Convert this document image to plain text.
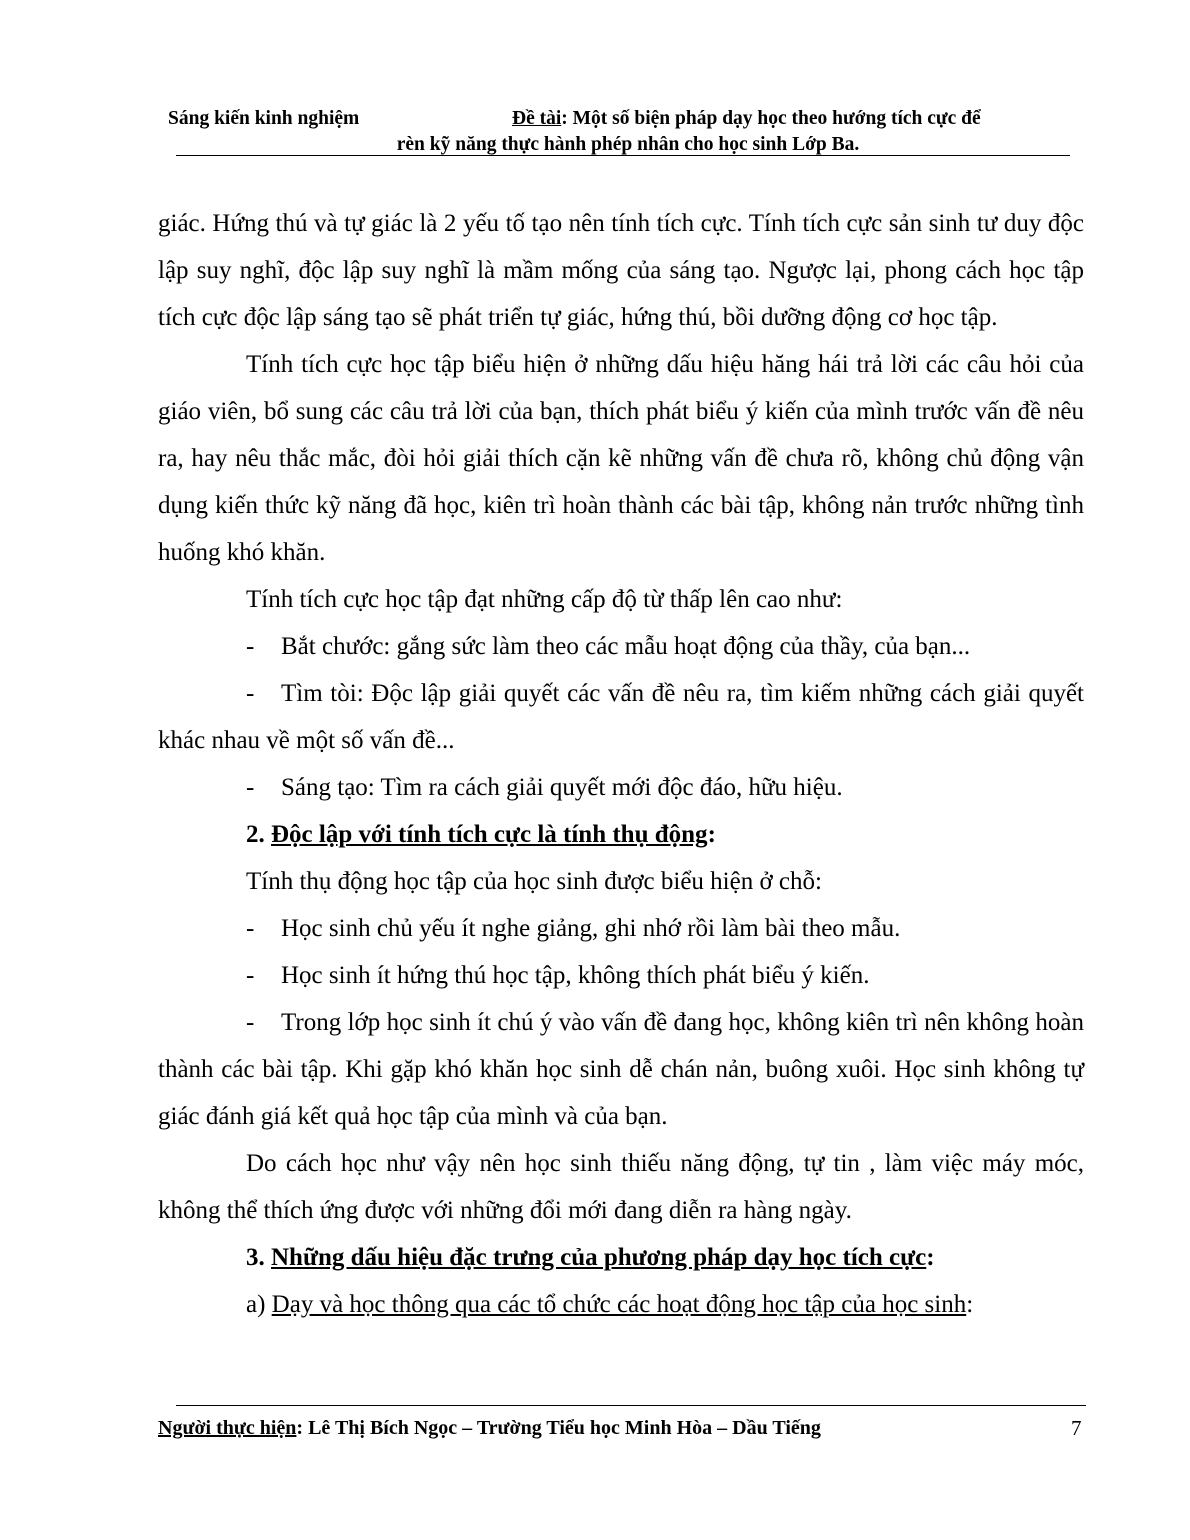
Sáng kiến kinh nghiệm	Đề tài: Một số biện pháp dạy học theo hướng tích cực để
rèn kỹ năng thực hành phép nhân cho học sinh Lớp Ba.

giác. Hứng thú và tự giác là 2 yếu tố tạo nên tính tích cực. Tính tích cực sản sinh tư duy độc lập suy nghĩ, độc lập suy nghĩ là mầm mống của sáng tạo. Ngược lại, phong cách học tập tích cực độc lập sáng tạo sẽ phát triển tự giác, hứng thú, bồi dưỡng động cơ học tập.

Tính tích cực học tập biểu hiện ở những dấu hiệu hăng hái trả lời các câu hỏi của giáo viên, bổ sung các câu trả lời của bạn, thích phát biểu ý kiến của mình trước vấn đề nêu ra, hay nêu thắc mắc, đòi hỏi giải thích cặn kẽ những vấn đề chưa rõ, không chủ động vận dụng kiến thức kỹ năng đã học, kiên trì hoàn thành các bài tập, không nản trước những tình huống khó khăn.

Tính tích cực học tập đạt những cấp độ từ thấp lên cao như:

- Bắt chước: gắng sức làm theo các mẫu hoạt động của thầy, của bạn...

- Tìm tòi: Độc lập giải quyết các vấn đề nêu ra, tìm kiếm những cách giải quyết khác nhau về một số vấn đề...

- Sáng tạo: Tìm ra cách giải quyết mới độc đáo, hữu hiệu.

2. Độc lập với tính tích cực là tính thụ động:

Tính thụ động học tập của học sinh được biểu hiện ở chỗ:

- Học sinh chủ yếu ít nghe giảng, ghi nhớ rồi làm bài theo mẫu.

- Học sinh ít hứng thú học tập, không thích phát biểu ý kiến.

- Trong lớp học sinh ít chú ý vào vấn đề đang học, không kiên trì nên không hoàn thành các bài tập. Khi gặp khó khăn học sinh dễ chán nản, buông xuôi. Học sinh không tự giác đánh giá kết quả học tập của mình và của bạn.

Do cách học như vậy nên học sinh thiếu năng động, tự tin , làm việc máy móc, không thể thích ứng được với những đổi mới đang diễn ra hàng ngày.

3. Những dấu hiệu đặc trưng của phương pháp dạy học tích cực:

a) Dạy và học thông qua các tổ chức các hoạt động học tập của học sinh:

Người thực hiện: Lê Thị Bích Ngọc – Trường Tiểu học Minh Hòa – Dầu Tiếng	7
